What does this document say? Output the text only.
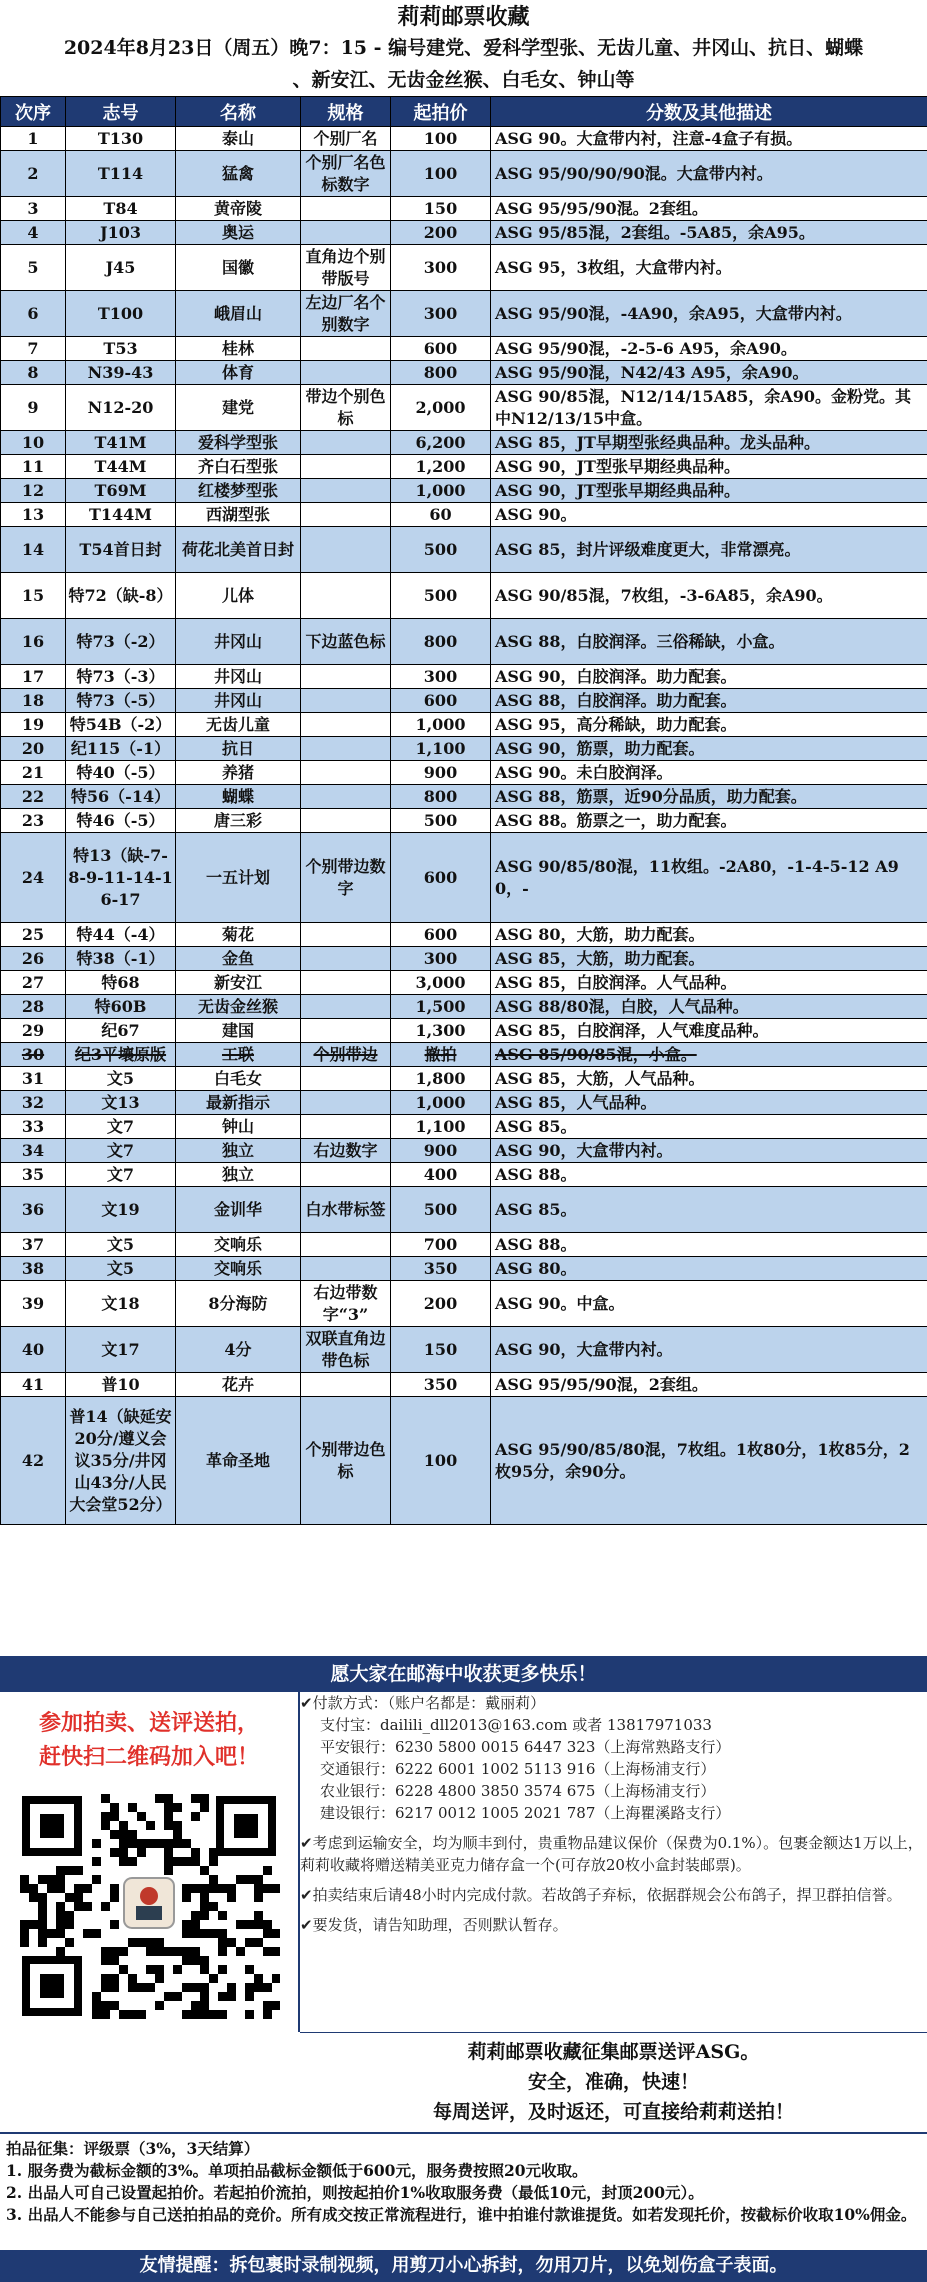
莉莉邮票收藏
2024年8月23日（周五）晚7：15 - 编号建党、爱科学型张、无齿儿童、井冈山、抗日、蝴蝶
、新安江、无齿金丝猴、白毛女、钟山等
次序	志号	名称	规格	起拍价	分数及其他描述
1	T130	泰山	个别厂名	100	ASG 90。大盒带内衬，注意-4盒子有损。
2	T114	猛禽	个别厂名色标数字	100	ASG 95/90/90/90混。大盒带内衬。
3	T84	黄帝陵		150	ASG 95/95/90混。2套组。
4	J103	奥运		200	ASG 95/85混，2套组。-5A85，余A95。
5	J45	国徽	直角边个别带版号	300	ASG 95，3枚组，大盒带内衬。
6	T100	峨眉山	左边厂名个别数字	300	ASG 95/90混，-4A90，余A95，大盒带内衬。
7	T53	桂林		600	ASG 95/90混，-2-5-6 A95，余A90。
8	N39-43	体育		800	ASG 95/90混，N42/43 A95，余A90。
9	N12-20	建党	带边个别色标	2,000	ASG 90/85混，N12/14/15A85，余A90。金粉党。其中N12/13/15中盒。
10	T41M	爱科学型张		6,200	ASG 85，JT早期型张经典品种。龙头品种。
11	T44M	齐白石型张		1,200	ASG 90，JT型张早期经典品种。
12	T69M	红楼梦型张		1,000	ASG 90，JT型张早期经典品种。
13	T144M	西湖型张		60	ASG 90。
14	T54首日封	荷花北美首日封		500	ASG 85，封片评级难度更大，非常漂亮。
15	特72（缺-8）	儿体		500	ASG 90/85混，7枚组，-3-6A85，余A90。
16	特73（-2）	井冈山	下边蓝色标	800	ASG 88，白胶润泽。三俗稀缺，小盒。
17	特73（-3）	井冈山		300	ASG 90，白胶润泽。助力配套。
18	特73（-5）	井冈山		600	ASG 88，白胶润泽。助力配套。
19	特54B（-2）	无齿儿童		1,000	ASG 95，高分稀缺，助力配套。
20	纪115（-1）	抗日		1,100	ASG 90，筋票，助力配套。
21	特40（-5）	养猪		900	ASG 90。未白胶润泽。
22	特56（-14）	蝴蝶		800	ASG 88，筋票，近90分品质，助力配套。
23	特46（-5）	唐三彩		500	ASG 88。筋票之一，助力配套。
24	特13（缺-7-8-9-11-14-16-17	一五计划	个别带边数字	600	ASG 90/85/80混，11枚组。-2A80，-1-4-5-12 A90，-
25	特44（-4）	菊花		600	ASG 80，大筋，助力配套。
26	特38（-1）	金鱼		300	ASG 85，大筋，助力配套。
27	特68	新安江		3,000	ASG 85，白胶润泽。人气品种。
28	特60B	无齿金丝猴		1,500	ASG 88/80混，白胶，人气品种。
29	纪67	建国		1,300	ASG 85，白胶润泽，人气难度品种。
30	纪3平壤原版	工联	个别带边	撤拍	ASG 85/90/85混，小盒。
31	文5	白毛女		1,800	ASG 85，大筋，人气品种。
32	文13	最新指示		1,000	ASG 85，人气品种。
33	文7	钟山		1,100	ASG 85。
34	文7	独立	右边数字	900	ASG 90，大盒带内衬。
35	文7	独立		400	ASG 88。
36	文19	金训华	白水带标签	500	ASG 85。
37	文5	交响乐		700	ASG 88。
38	文5	交响乐		350	ASG 80。
39	文18	8分海防	右边带数字“3”	200	ASG 90。中盒。
40	文17	4分	双联直角边带色标	150	ASG 90，大盒带内衬。
41	普10	花卉		350	ASG 95/95/90混，2套组。
42	普14（缺延安20分/遵义会议35分/井冈山43分/人民大会堂52分）	革命圣地	个别带边色标	100	ASG 95/90/85/80混，7枚组。1枚80分，1枚85分，2枚95分，余90分。
愿大家在邮海中收获更多快乐！
参加拍卖、送评送拍，
赶快扫二维码加入吧！
✔付款方式：（账户名都是：戴丽莉）
支付宝：dailili_dll2013@163.com 或者 13817971033
平安银行：6230 5800 0015 6447 323（上海常熟路支行）
交通银行：6222 6001 1002 5113 916（上海杨浦支行）
农业银行：6228 4800 3850 3574 675（上海杨浦支行）
建设银行：6217 0012 1005 2021 787（上海瞿溪路支行）
✔考虑到运输安全，均为顺丰到付，贵重物品建议保价（保费为0.1%）。包裹金额达1万以上，莉莉收藏将赠送精美亚克力储存盒一个(可存放20枚小盒封装邮票)。
✔拍卖结束后请48小时内完成付款。若故鸽子弃标，依据群规会公布鸽子，捍卫群拍信誉。
✔要发货，请告知助理，否则默认暂存。
莉莉邮票收藏征集邮票送评ASG。
安全，准确，快速！
每周送评，及时返还，可直接给莉莉送拍！
拍品征集：评级票（3%，3天结算）
1. 服务费为截标金额的3%。单项拍品截标金额低于600元，服务费按照20元收取。
2. 出品人可自己设置起拍价。若起拍价流拍，则按起拍价1%收取服务费（最低10元，封顶200元）。
3. 出品人不能参与自己送拍拍品的竞价。所有成交按正常流程进行，谁中拍谁付款谁提货。如若发现托价，按截标价收取10%佣金。
友情提醒：拆包裹时录制视频，用剪刀小心拆封，勿用刀片，以免划伤盒子表面。
